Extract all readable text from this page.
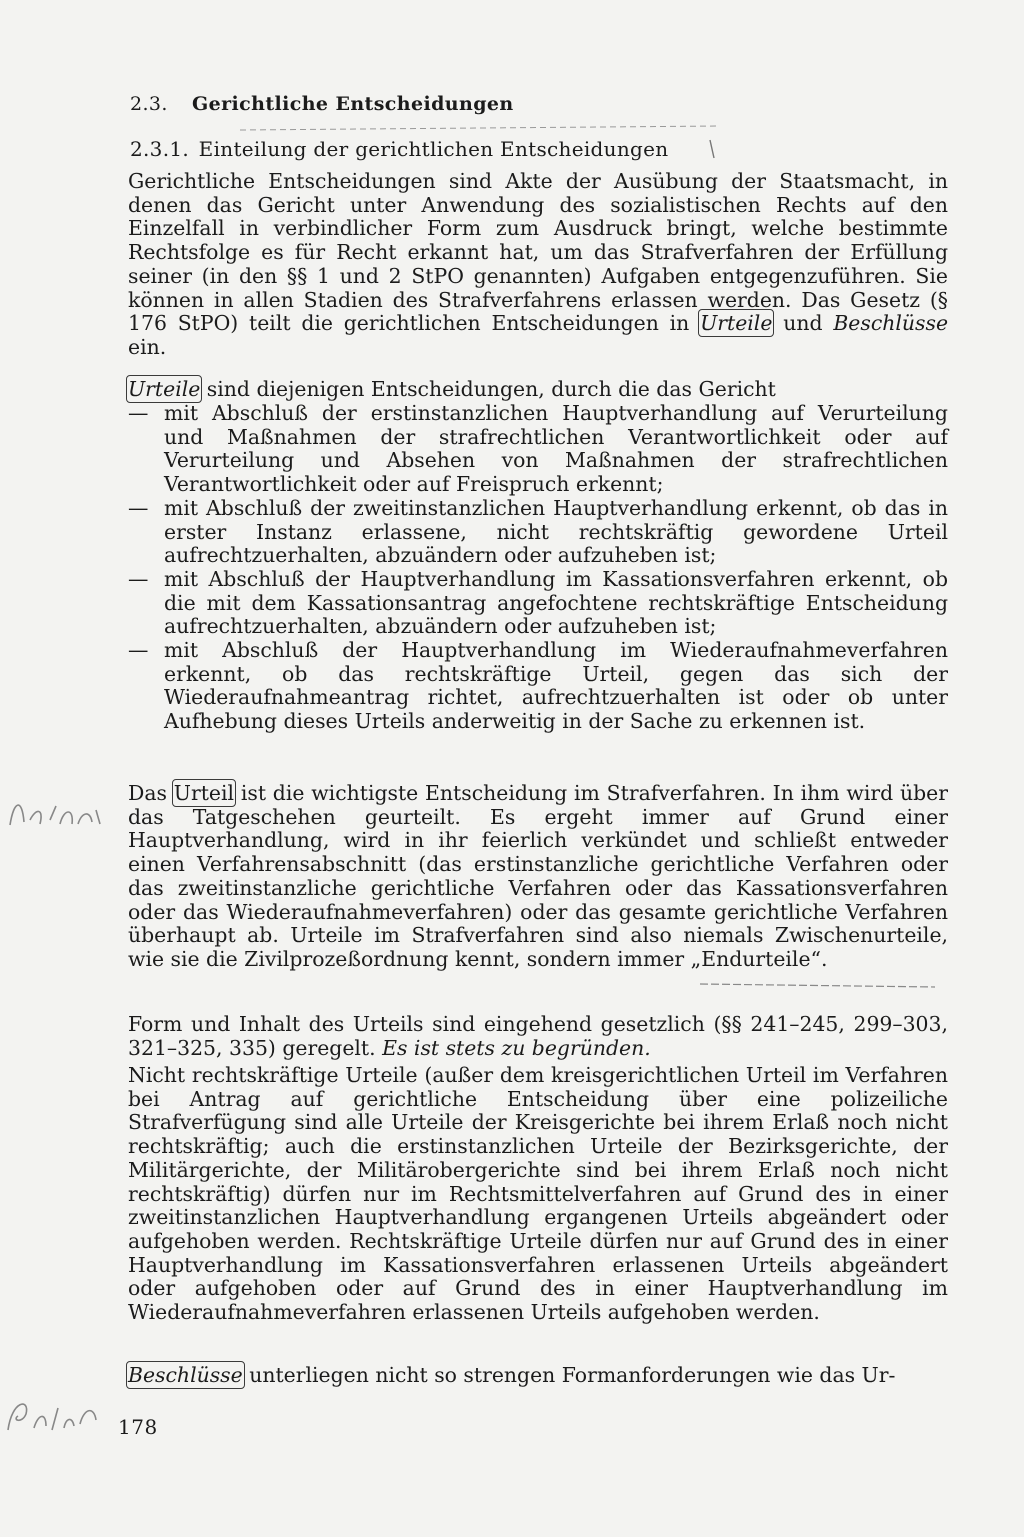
2.3. Gerichtliche Entscheidungen
2.3.1. Einteilung der gerichtlichen Entscheidungen

Gerichtliche Entscheidungen sind Akte der Ausübung der Staatsmacht, in denen das Gericht unter Anwendung des sozialistischen Rechts auf den Einzelfall in verbindlicher Form zum Ausdruck bringt, welche bestimmte Rechtsfolge es für Recht erkannt hat, um das Strafverfahren der Erfüllung seiner (in den §§ 1 und 2 StPO genannten) Aufgaben entgegenzuführen. Sie können in allen Stadien des Strafverfahrens erlassen werden. Das Gesetz (§ 176 StPO) teilt die gerichtlichen Entscheidungen in Urteile und Beschlüsse ein.

Urteile sind diejenigen Entscheidungen, durch die das Gericht

— mit Abschluß der erstinstanzlichen Hauptverhandlung auf Verurteilung und Maßnahmen der strafrechtlichen Verantwortlichkeit oder auf Verurteilung und Absehen von Maßnahmen der strafrechtlichen Verantwortlichkeit oder auf Freispruch erkennt;
— mit Abschluß der zweitinstanzlichen Hauptverhandlung erkennt, ob das in erster Instanz erlassene, nicht rechtskräftig gewordene Urteil aufrechtzuerhalten, abzuändern oder aufzuheben ist;
— mit Abschluß der Hauptverhandlung im Kassationsverfahren erkennt, ob die mit dem Kassationsantrag angefochtene rechtskräftige Entscheidung aufrechtzuerhalten, abzuändern oder aufzuheben ist;
— mit Abschluß der Hauptverhandlung im Wiederaufnahmeverfahren erkennt, ob das rechtskräftige Urteil, gegen das sich der Wiederaufnahmeantrag richtet, aufrechtzuerhalten ist oder ob unter Aufhebung dieses Urteils anderweitig in der Sache zu erkennen ist.

Das Urteil ist die wichtigste Entscheidung im Strafverfahren. In ihm wird über das Tatgeschehen geurteilt. Es ergeht immer auf Grund einer Hauptverhandlung, wird in ihr feierlich verkündet und schließt entweder einen Verfahrensabschnitt (das erstinstanzliche gerichtliche Verfahren oder das zweitinstanzliche gerichtliche Verfahren oder das Kassationsverfahren oder das Wiederaufnahmeverfahren) oder das gesamte gerichtliche Verfahren überhaupt ab. Urteile im Strafverfahren sind also niemals Zwischenurteile, wie sie die Zivilprozeßordnung kennt, sondern immer „Endurteile“.

Form und Inhalt des Urteils sind eingehend gesetzlich (§§ 241–245, 299–303, 321–325, 335) geregelt. Es ist stets zu begründen.

Nicht rechtskräftige Urteile (außer dem kreisgerichtlichen Urteil im Verfahren bei Antrag auf gerichtliche Entscheidung über eine polizeiliche Strafverfügung sind alle Urteile der Kreisgerichte bei ihrem Erlaß noch nicht rechtskräftig; auch die erstinstanzlichen Urteile der Bezirksgerichte, der Militärgerichte, der Militärobergerichte sind bei ihrem Erlaß noch nicht rechtskräftig) dürfen nur im Rechtsmittelverfahren auf Grund des in einer zweitinstanzlichen Hauptverhandlung ergangenen Urteils abgeändert oder aufgehoben werden. Rechtskräftige Urteile dürfen nur auf Grund des in einer Hauptverhandlung im Kassationsverfahren erlassenen Urteils abgeändert oder aufgehoben oder auf Grund des in einer Hauptverhandlung im Wiederaufnahmeverfahren erlassenen Urteils aufgehoben werden.

Beschlüsse unterliegen nicht so strengen Formanforderungen wie das Ur-

178
